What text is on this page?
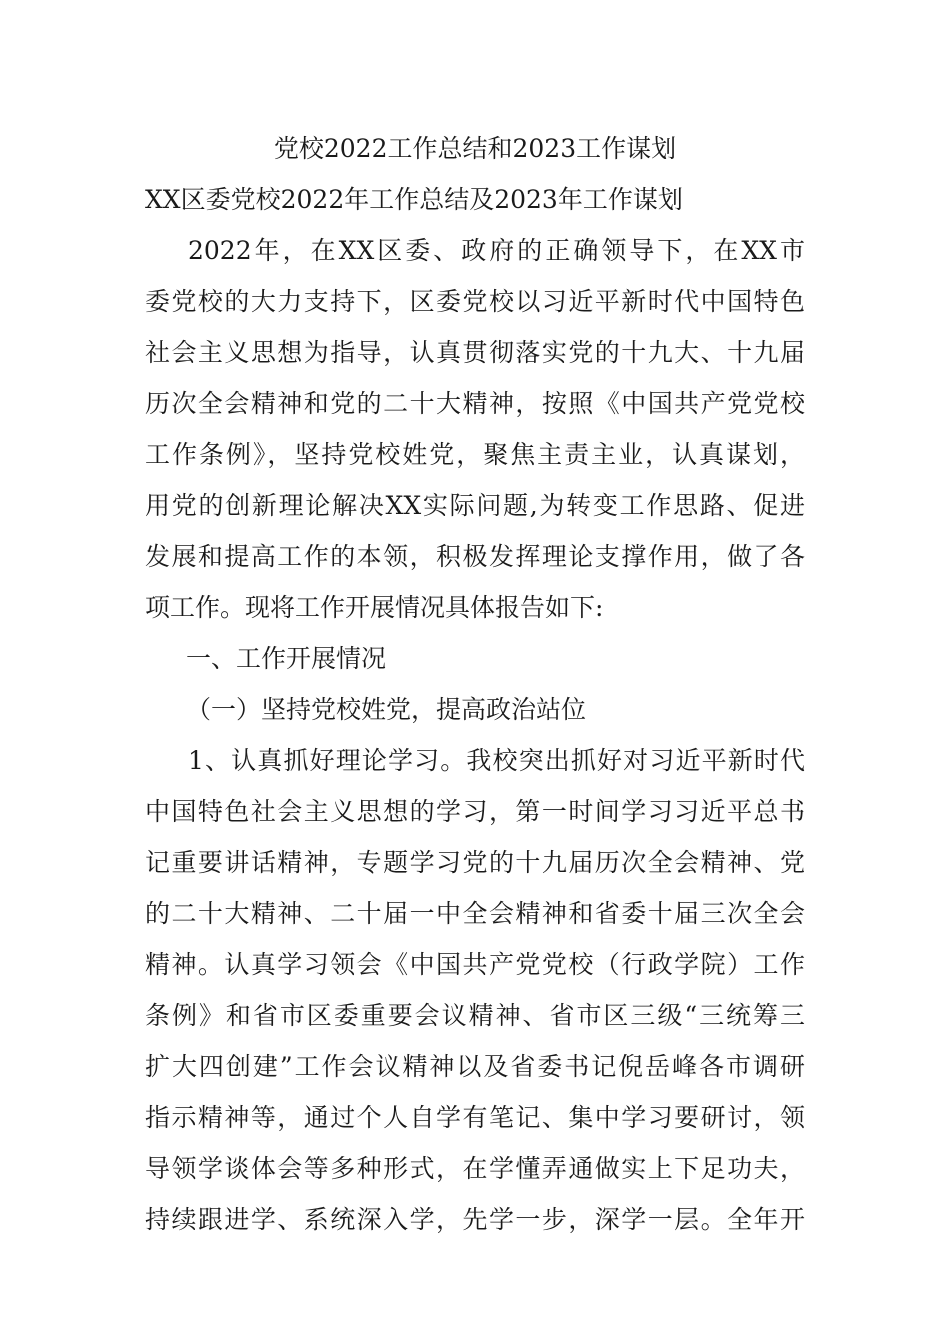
党校2022工作总结和2023工作谋划
XX区委党校2022年工作总结及2023年工作谋划

2022年，在XX区委、政府的正确领导下，在XX市

委党校的大力支持下，区委党校以习近平新时代中国特色

社会主义思想为指导，认真贯彻落实党的十九大、十九届

历次全会精神和党的二十大精神，按照《中国共产党党校

工作条例》，坚持党校姓党，聚焦主责主业，认真谋划，

用党的创新理论解决XX实际问题,为转变工作思路、促进

发展和提高工作的本领，积极发挥理论支撑作用，做了各

项工作。现将工作开展情况具体报告如下:

一、工作开展情况

（一）坚持党校姓党，提高政治站位

1、认真抓好理论学习。我校突出抓好对习近平新时代

中国特色社会主义思想的学习，第一时间学习习近平总书

记重要讲话精神，专题学习党的十九届历次全会精神、党

的二十大精神、二十届一中全会精神和省委十届三次全会

精神。认真学习领会《中国共产党党校（行政学院）工作

条例》和省市区委重要会议精神、省市区三级“三统筹三

扩大四创建”工作会议精神以及省委书记倪岳峰各市调研

指示精神等，通过个人自学有笔记、集中学习要研讨，领

导领学谈体会等多种形式，在学懂弄通做实上下足功夫，

持续跟进学、系统深入学，先学一步，深学一层。全年开
